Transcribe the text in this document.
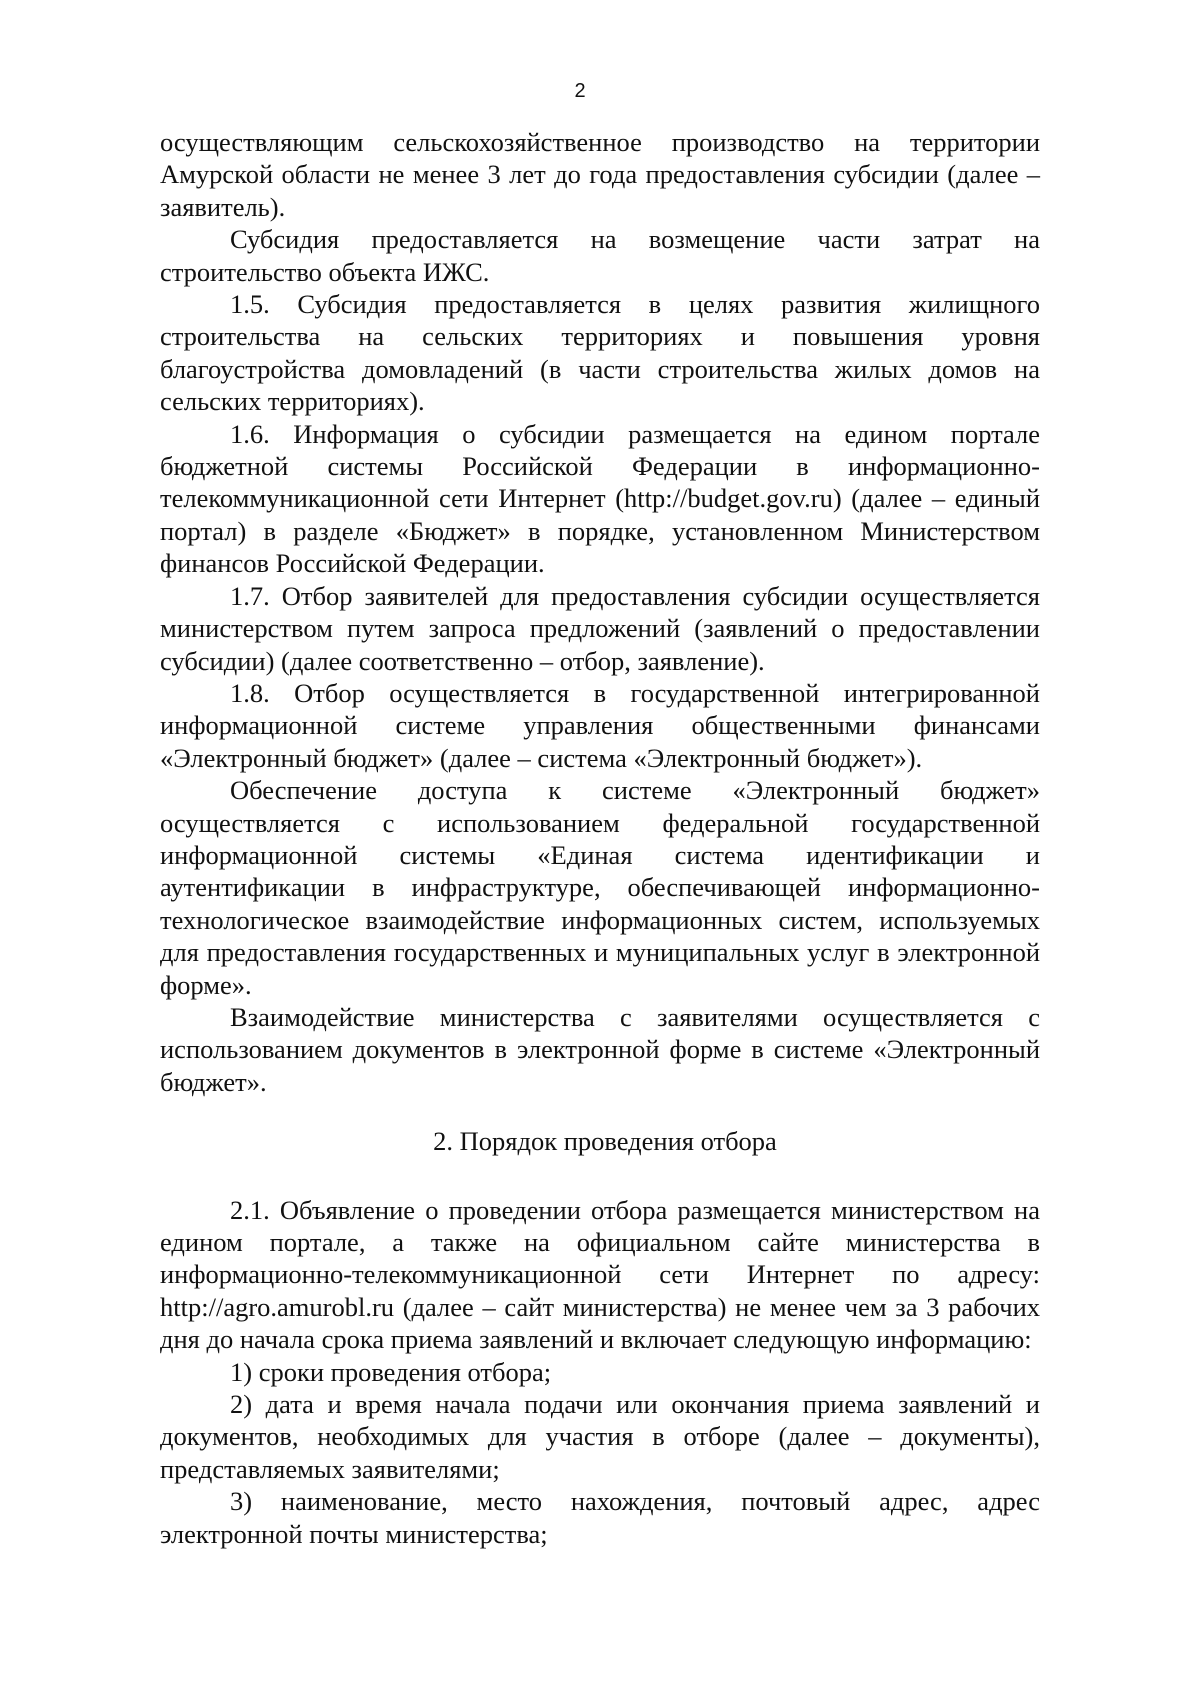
2

осуществляющим сельскохозяйственное производство на территории Амурской области не менее 3 лет до года предоставления субсидии (далее – заявитель).

Субсидия предоставляется на возмещение части затрат на строительство объекта ИЖС.

1.5. Субсидия предоставляется в целях развития жилищного строительства на сельских территориях и повышения уровня благоустройства домовладений (в части строительства жилых домов на сельских территориях).

1.6. Информация о субсидии размещается на едином портале бюджетной системы Российской Федерации в информационно-телекоммуникационной сети Интернет (http://budget.gov.ru) (далее – единый портал) в разделе «Бюджет» в порядке, установленном Министерством финансов Российской Федерации.

1.7. Отбор заявителей для предоставления субсидии осуществляется министерством путем запроса предложений (заявлений о предоставлении субсидии) (далее соответственно – отбор, заявление).

1.8. Отбор осуществляется в государственной интегрированной информационной системе управления общественными финансами «Электронный бюджет» (далее – система «Электронный бюджет»).

Обеспечение доступа к системе «Электронный бюджет» осуществляется с использованием федеральной государственной информационной системы «Единая система идентификации и аутентификации в инфраструктуре, обеспечивающей информационно-технологическое взаимодействие информационных систем, используемых для предоставления государственных и муниципальных услуг в электронной форме».

Взаимодействие министерства с заявителями осуществляется с использованием документов в электронной форме в системе «Электронный бюджет».

2. Порядок проведения отбора

2.1. Объявление о проведении отбора размещается министерством на едином портале, а также на официальном сайте министерства в информационно-телекоммуникационной сети Интернет по адресу: http://agro.amurobl.ru (далее – сайт министерства) не менее чем за 3 рабочих дня до начала срока приема заявлений и включает следующую информацию:

1) сроки проведения отбора;

2) дата и время начала подачи или окончания приема заявлений и документов, необходимых для участия в отборе (далее – документы), представляемых заявителями;

3) наименование, место нахождения, почтовый адрес, адрес электронной почты министерства;
